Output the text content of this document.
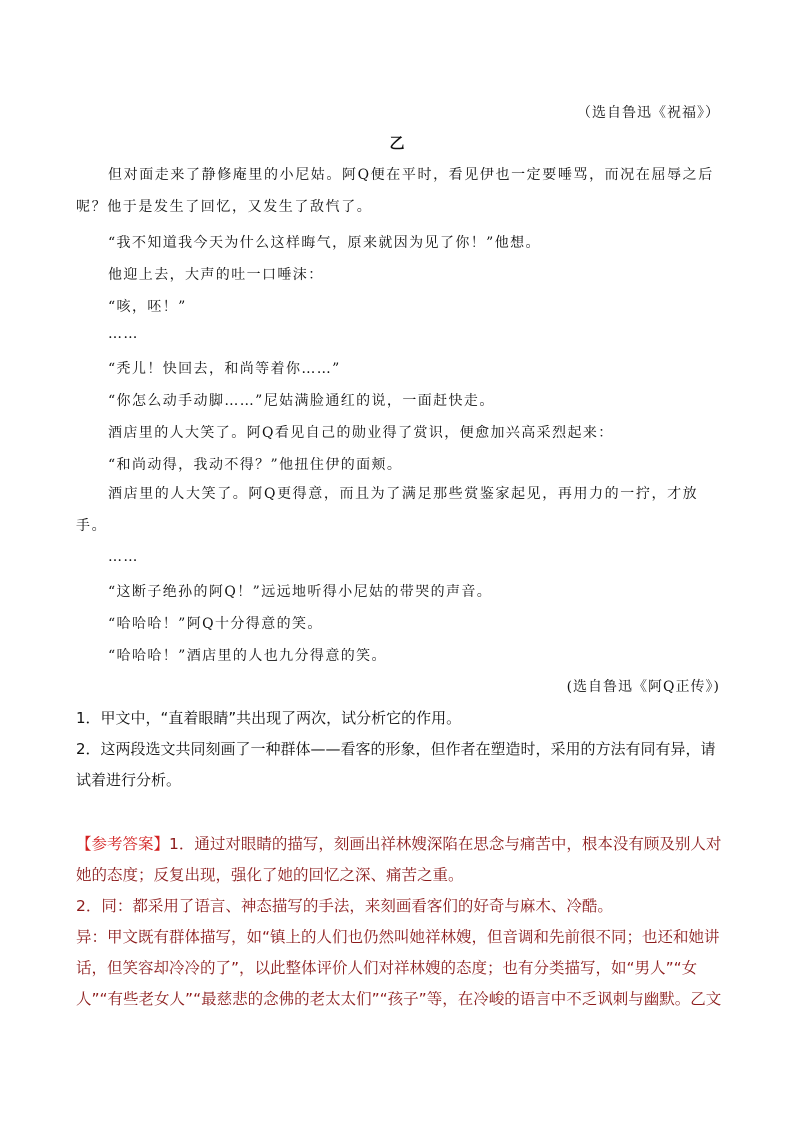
（选自鲁迅《祝福》）
乙

但对面走来了静修庵里的小尼姑。阿Q便在平时，看见伊也一定要唾骂，而况在屈辱之后呢？他于是发生了回忆，又发生了敌忾了。

“我不知道我今天为什么这样晦气，原来就因为见了你！”他想。

他迎上去，大声的吐一口唾沫：

“咳，呸！”

……

“秃儿！快回去，和尚等着你……”

“你怎么动手动脚……”尼姑满脸通红的说，一面赶快走。

酒店里的人大笑了。阿Q看见自己的勋业得了赏识，便愈加兴高采烈起来：

“和尚动得，我动不得？”他扭住伊的面颊。

酒店里的人大笑了。阿Q更得意，而且为了满足那些赏鉴家起见，再用力的一拧，才放手。

……

“这断子绝孙的阿Q！”远远地听得小尼姑的带哭的声音。

“哈哈哈！”阿Q十分得意的笑。

“哈哈哈！”酒店里的人也九分得意的笑。

(选自鲁迅《阿Q正传》)

1．甲文中，“直着眼睛”共出现了两次，试分析它的作用。

2．这两段选文共同刻画了一种群体——看客的形象，但作者在塑造时，采用的方法有同有异，请试着进行分析。

【参考答案】1．通过对眼睛的描写，刻画出祥林嫂深陷在思念与痛苦中，根本没有顾及别人对她的态度；反复出现，强化了她的回忆之深、痛苦之重。

2．同：都采用了语言、神态描写的手法，来刻画看客们的好奇与麻木、冷酷。

异：甲文既有群体描写，如“镇上的人们也仍然叫她祥林嫂，但音调和先前很不同；也还和她讲话，但笑容却冷冷的了”，以此整体评价人们对祥林嫂的态度；也有分类描写，如“男人”“女人”“有些老女人”“最慈悲的念佛的老太太们”“孩子”等，在冷峻的语言中不乏讽刺与幽默。乙文
